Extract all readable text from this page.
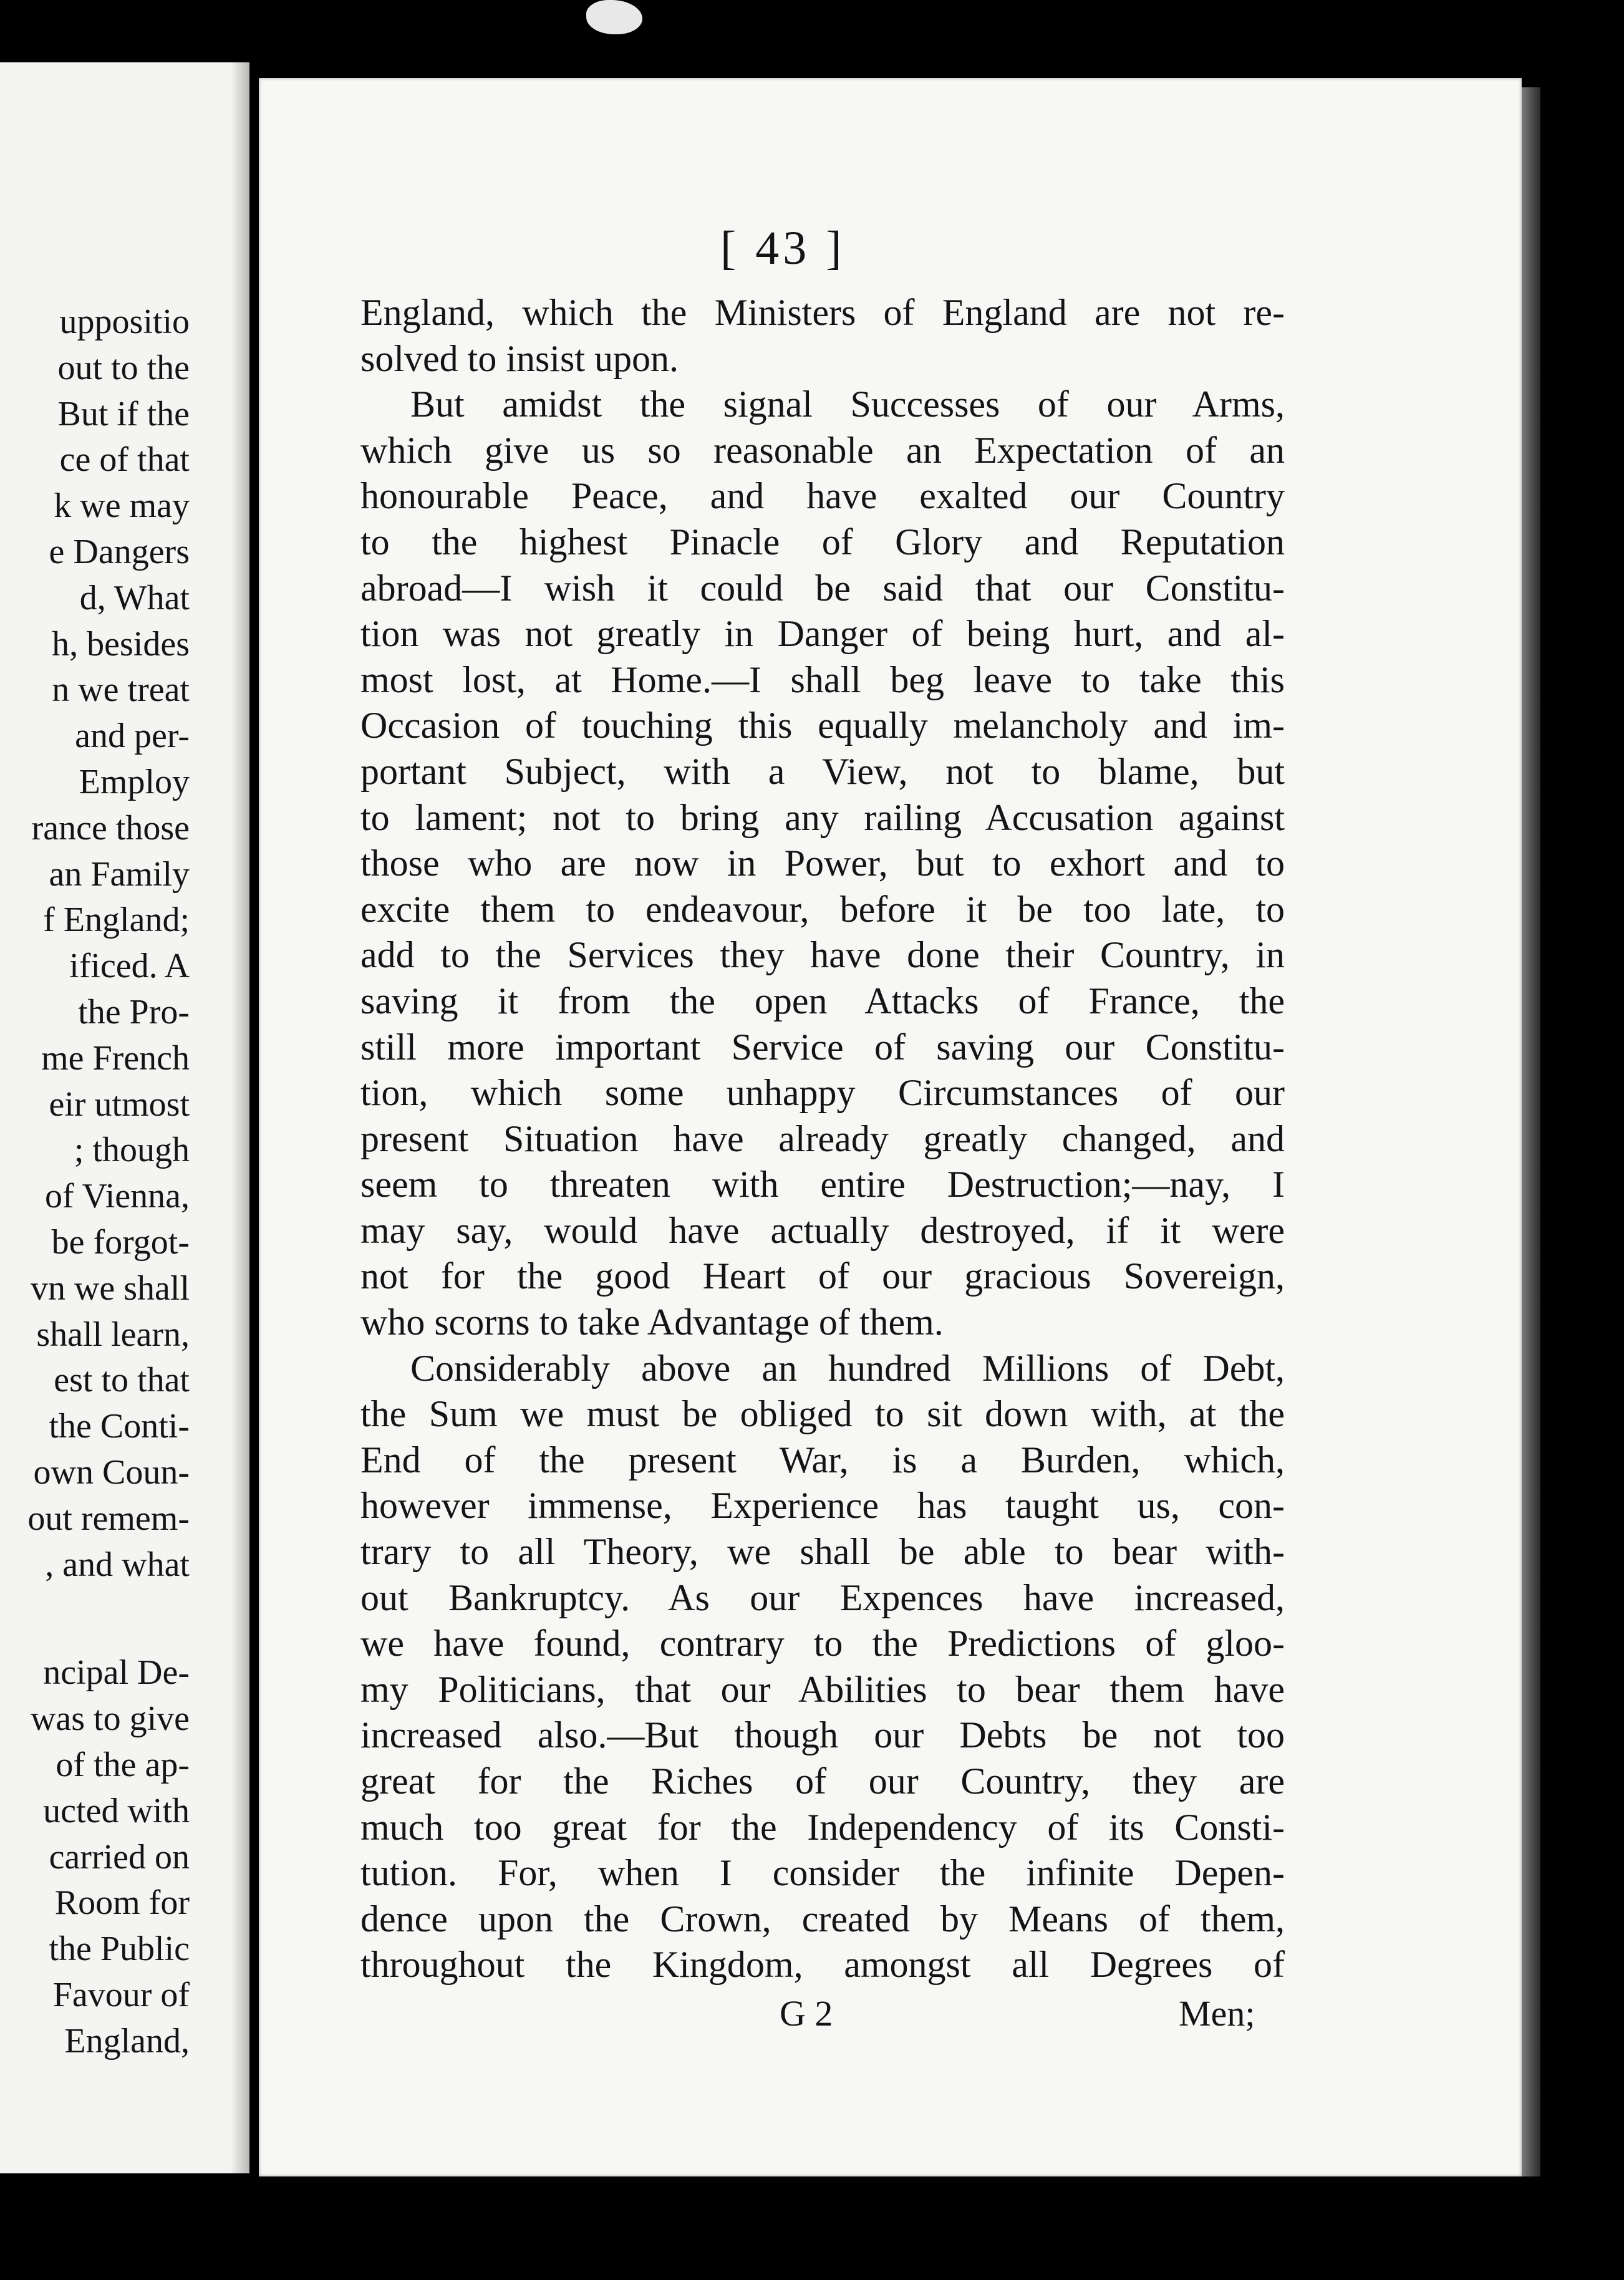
uppositio
out to the
But if the
ce of that
k we may
e Dangers
d, What
h, besides
n we treat
and per-
Employ
rance those
an Family
f England;
ificed. A
the Pro-
me French
eir utmost
; though
of Vienna,
be forgot-
vn we shall
shall learn,
est to that
the Conti-
own Coun-
out remem-
, and what
ncipal De-
was to give
of the ap-
ucted with
carried on
Room for
the Public
Favour of
England,
[ 43 ]
England, which the Ministers of England are not re-
solved to insist upon.
But amidst the signal Successes of our Arms,
which give us so reasonable an Expectation of an
honourable Peace, and have exalted our Country
to the highest Pinacle of Glory and Reputation
abroad—I wish it could be said that our Constitu-
tion was not greatly in Danger of being hurt, and al-
most lost, at Home.—I shall beg leave to take this
Occasion of touching this equally melancholy and im-
portant Subject, with a View, not to blame, but
to lament; not to bring any railing Accusation against
those who are now in Power, but to exhort and to
excite them to endeavour, before it be too late, to
add to the Services they have done their Country, in
saving it from the open Attacks of France, the
still more important Service of saving our Constitu-
tion, which some unhappy Circumstances of our
present Situation have already greatly changed, and
seem to threaten with entire Destruction;—nay, I
may say, would have actually destroyed, if it were
not for the good Heart of our gracious Sovereign,
who scorns to take Advantage of them.
Considerably above an hundred Millions of Debt,
the Sum we must be obliged to sit down with, at the
End of the present War, is a Burden, which,
however immense, Experience has taught us, con-
trary to all Theory, we shall be able to bear with-
out Bankruptcy. As our Expences have increased,
we have found, contrary to the Predictions of gloo-
my Politicians, that our Abilities to bear them have
increased also.—But though our Debts be not too
great for the Riches of our Country, they are
much too great for the Independency of its Consti-
tution. For, when I consider the infinite Depen-
dence upon the Crown, created by Means of them,
throughout the Kingdom, amongst all Degrees of
G 2	Men;
